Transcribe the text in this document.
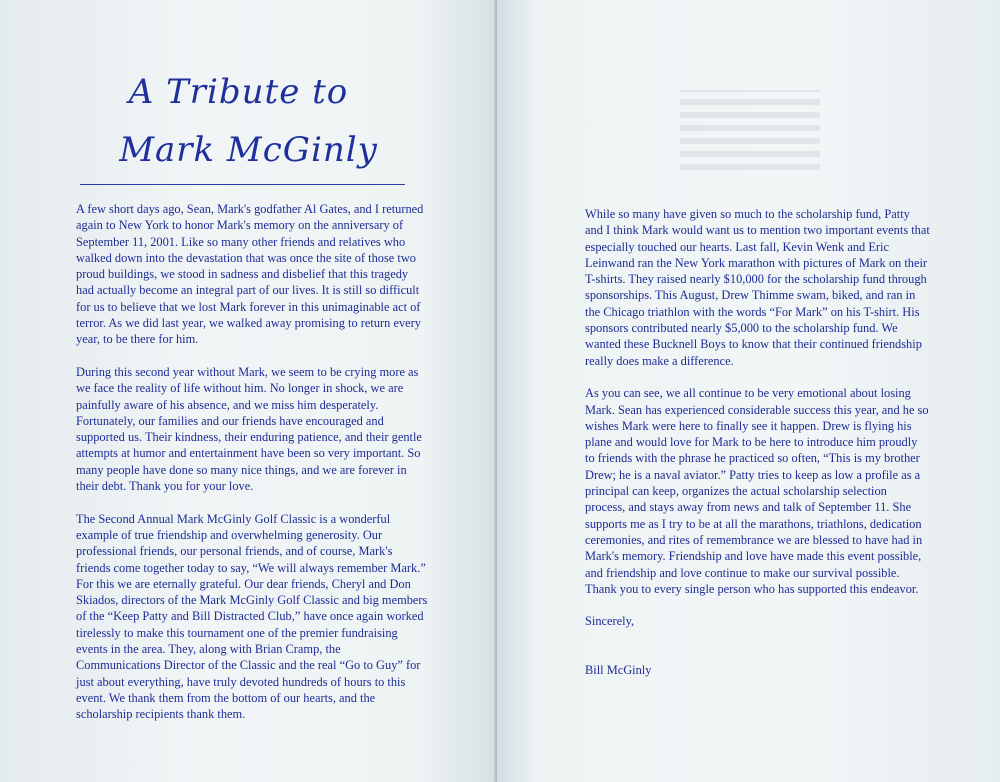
A Tribute to
Mark McGinly

A few short days ago, Sean, Mark's godfather Al Gates, and I returned again to New York to honor Mark's memory on the anniversary of September 11, 2001. Like so many other friends and relatives who walked down into the devastation that was once the site of those two proud buildings, we stood in sadness and disbelief that this tragedy had actually become an integral part of our lives. It is still so difficult for us to believe that we lost Mark forever in this unimaginable act of terror. As we did last year, we walked away promising to return every year, to be there for him.

During this second year without Mark, we seem to be crying more as we face the reality of life without him. No longer in shock, we are painfully aware of his absence, and we miss him desperately. Fortunately, our families and our friends have encouraged and supported us. Their kindness, their enduring patience, and their gentle attempts at humor and entertainment have been so very important. So many people have done so many nice things, and we are forever in their debt. Thank you for your love.

The Second Annual Mark McGinly Golf Classic is a wonderful example of true friendship and overwhelming generosity. Our professional friends, our personal friends, and of course, Mark's friends come together today to say, “We will always remember Mark.” For this we are eternally grateful. Our dear friends, Cheryl and Don Skiados, directors of the Mark McGinly Golf Classic and big members of the “Keep Patty and Bill Distracted Club,” have once again worked tirelessly to make this tournament one of the premier fundraising events in the area. They, along with Brian Cramp, the Communications Director of the Classic and the real “Go to Guy” for just about everything, have truly devoted hundreds of hours to this event. We thank them from the bottom of our hearts, and the scholarship recipients thank them.

While so many have given so much to the scholarship fund, Patty and I think Mark would want us to mention two important events that especially touched our hearts. Last fall, Kevin Wenk and Eric Leinwand ran the New York marathon with pictures of Mark on their T-shirts. They raised nearly $10,000 for the scholarship fund through sponsorships. This August, Drew Thimme swam, biked, and ran in the Chicago triathlon with the words “For Mark” on his T-shirt. His sponsors contributed nearly $5,000 to the scholarship fund. We wanted these Bucknell Boys to know that their continued friendship really does make a difference.

As you can see, we all continue to be very emotional about losing Mark. Sean has experienced considerable success this year, and he so wishes Mark were here to finally see it happen. Drew is flying his plane and would love for Mark to be here to introduce him proudly to friends with the phrase he practiced so often, “This is my brother Drew; he is a naval aviator.” Patty tries to keep as low a profile as a principal can keep, organizes the actual scholarship selection process, and stays away from news and talk of September 11. She supports me as I try to be at all the marathons, triathlons, dedication ceremonies, and rites of remembrance we are blessed to have had in Mark's memory. Friendship and love have made this event possible, and friendship and love continue to make our survival possible. Thank you to every single person who has supported this endeavor.

Sincerely,

Bill McGinly
